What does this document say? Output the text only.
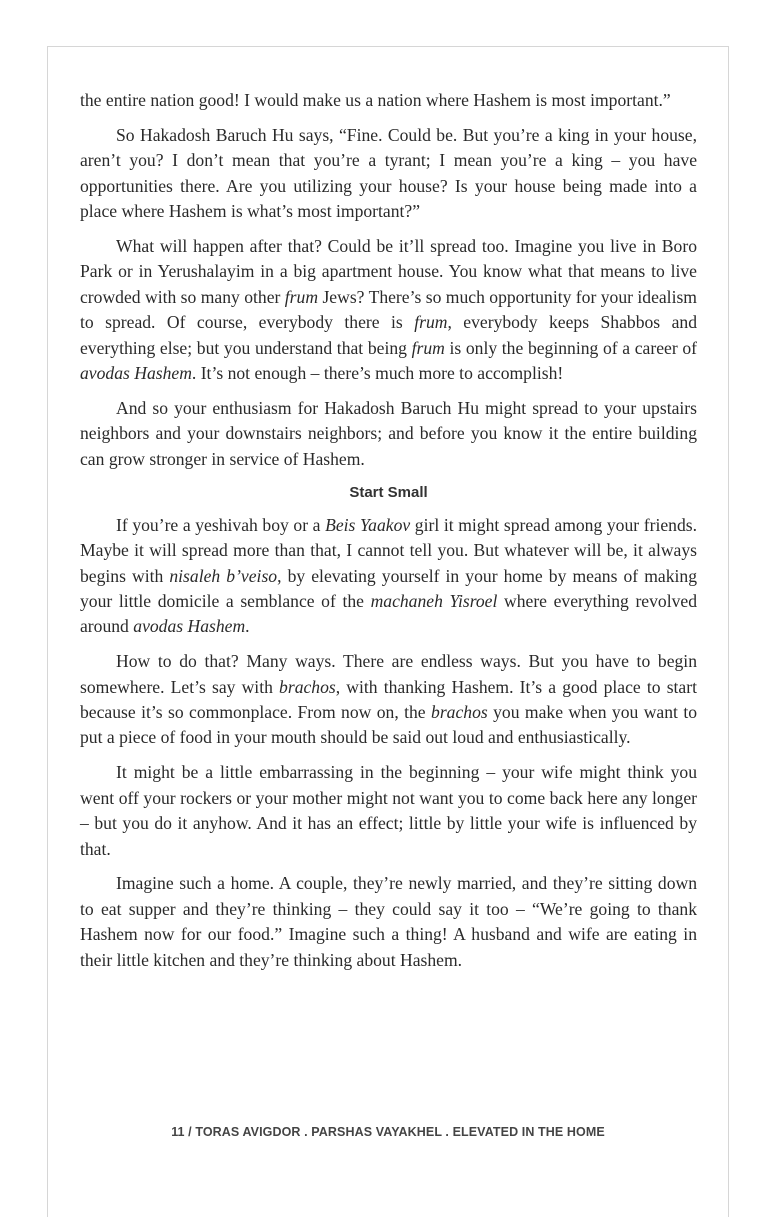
the entire nation good! I would make us a nation where Hashem is most important.”

So Hakadosh Baruch Hu says, “Fine. Could be. But you’re a king in your house, aren’t you? I don’t mean that you’re a tyrant; I mean you’re a king – you have opportunities there. Are you utilizing your house? Is your house being made into a place where Hashem is what’s most important?”

What will happen after that? Could be it’ll spread too. Imagine you live in Boro Park or in Yerushalayim in a big apartment house. You know what that means to live crowded with so many other frum Jews? There’s so much opportunity for your idealism to spread. Of course, everybody there is frum, everybody keeps Shabbos and everything else; but you understand that being frum is only the beginning of a career of avodas Hashem. It’s not enough – there’s much more to accomplish!

And so your enthusiasm for Hakadosh Baruch Hu might spread to your upstairs neighbors and your downstairs neighbors; and before you know it the entire building can grow stronger in service of Hashem.

Start Small

If you’re a yeshivah boy or a Beis Yaakov girl it might spread among your friends. Maybe it will spread more than that, I cannot tell you. But whatever will be, it always begins with nisaleh b’veiso, by elevating yourself in your home by means of making your little domicile a semblance of the machaneh Yisroel where everything revolved around avodas Hashem.

How to do that? Many ways. There are endless ways. But you have to begin somewhere. Let’s say with brachos, with thanking Hashem. It’s a good place to start because it’s so commonplace. From now on, the brachos you make when you want to put a piece of food in your mouth should be said out loud and enthusiastically.

It might be a little embarrassing in the beginning – your wife might think you went off your rockers or your mother might not want you to come back here any longer – but you do it anyhow. And it has an effect; little by little your wife is influenced by that.

Imagine such a home. A couple, they’re newly married, and they’re sitting down to eat supper and they’re thinking – they could say it too – “We’re going to thank Hashem now for our food.” Imagine such a thing! A husband and wife are eating in their little kitchen and they’re thinking about Hashem.

11 / TORAS AVIGDOR . PARSHAS VAYAKHEL . ELEVATED IN THE HOME
